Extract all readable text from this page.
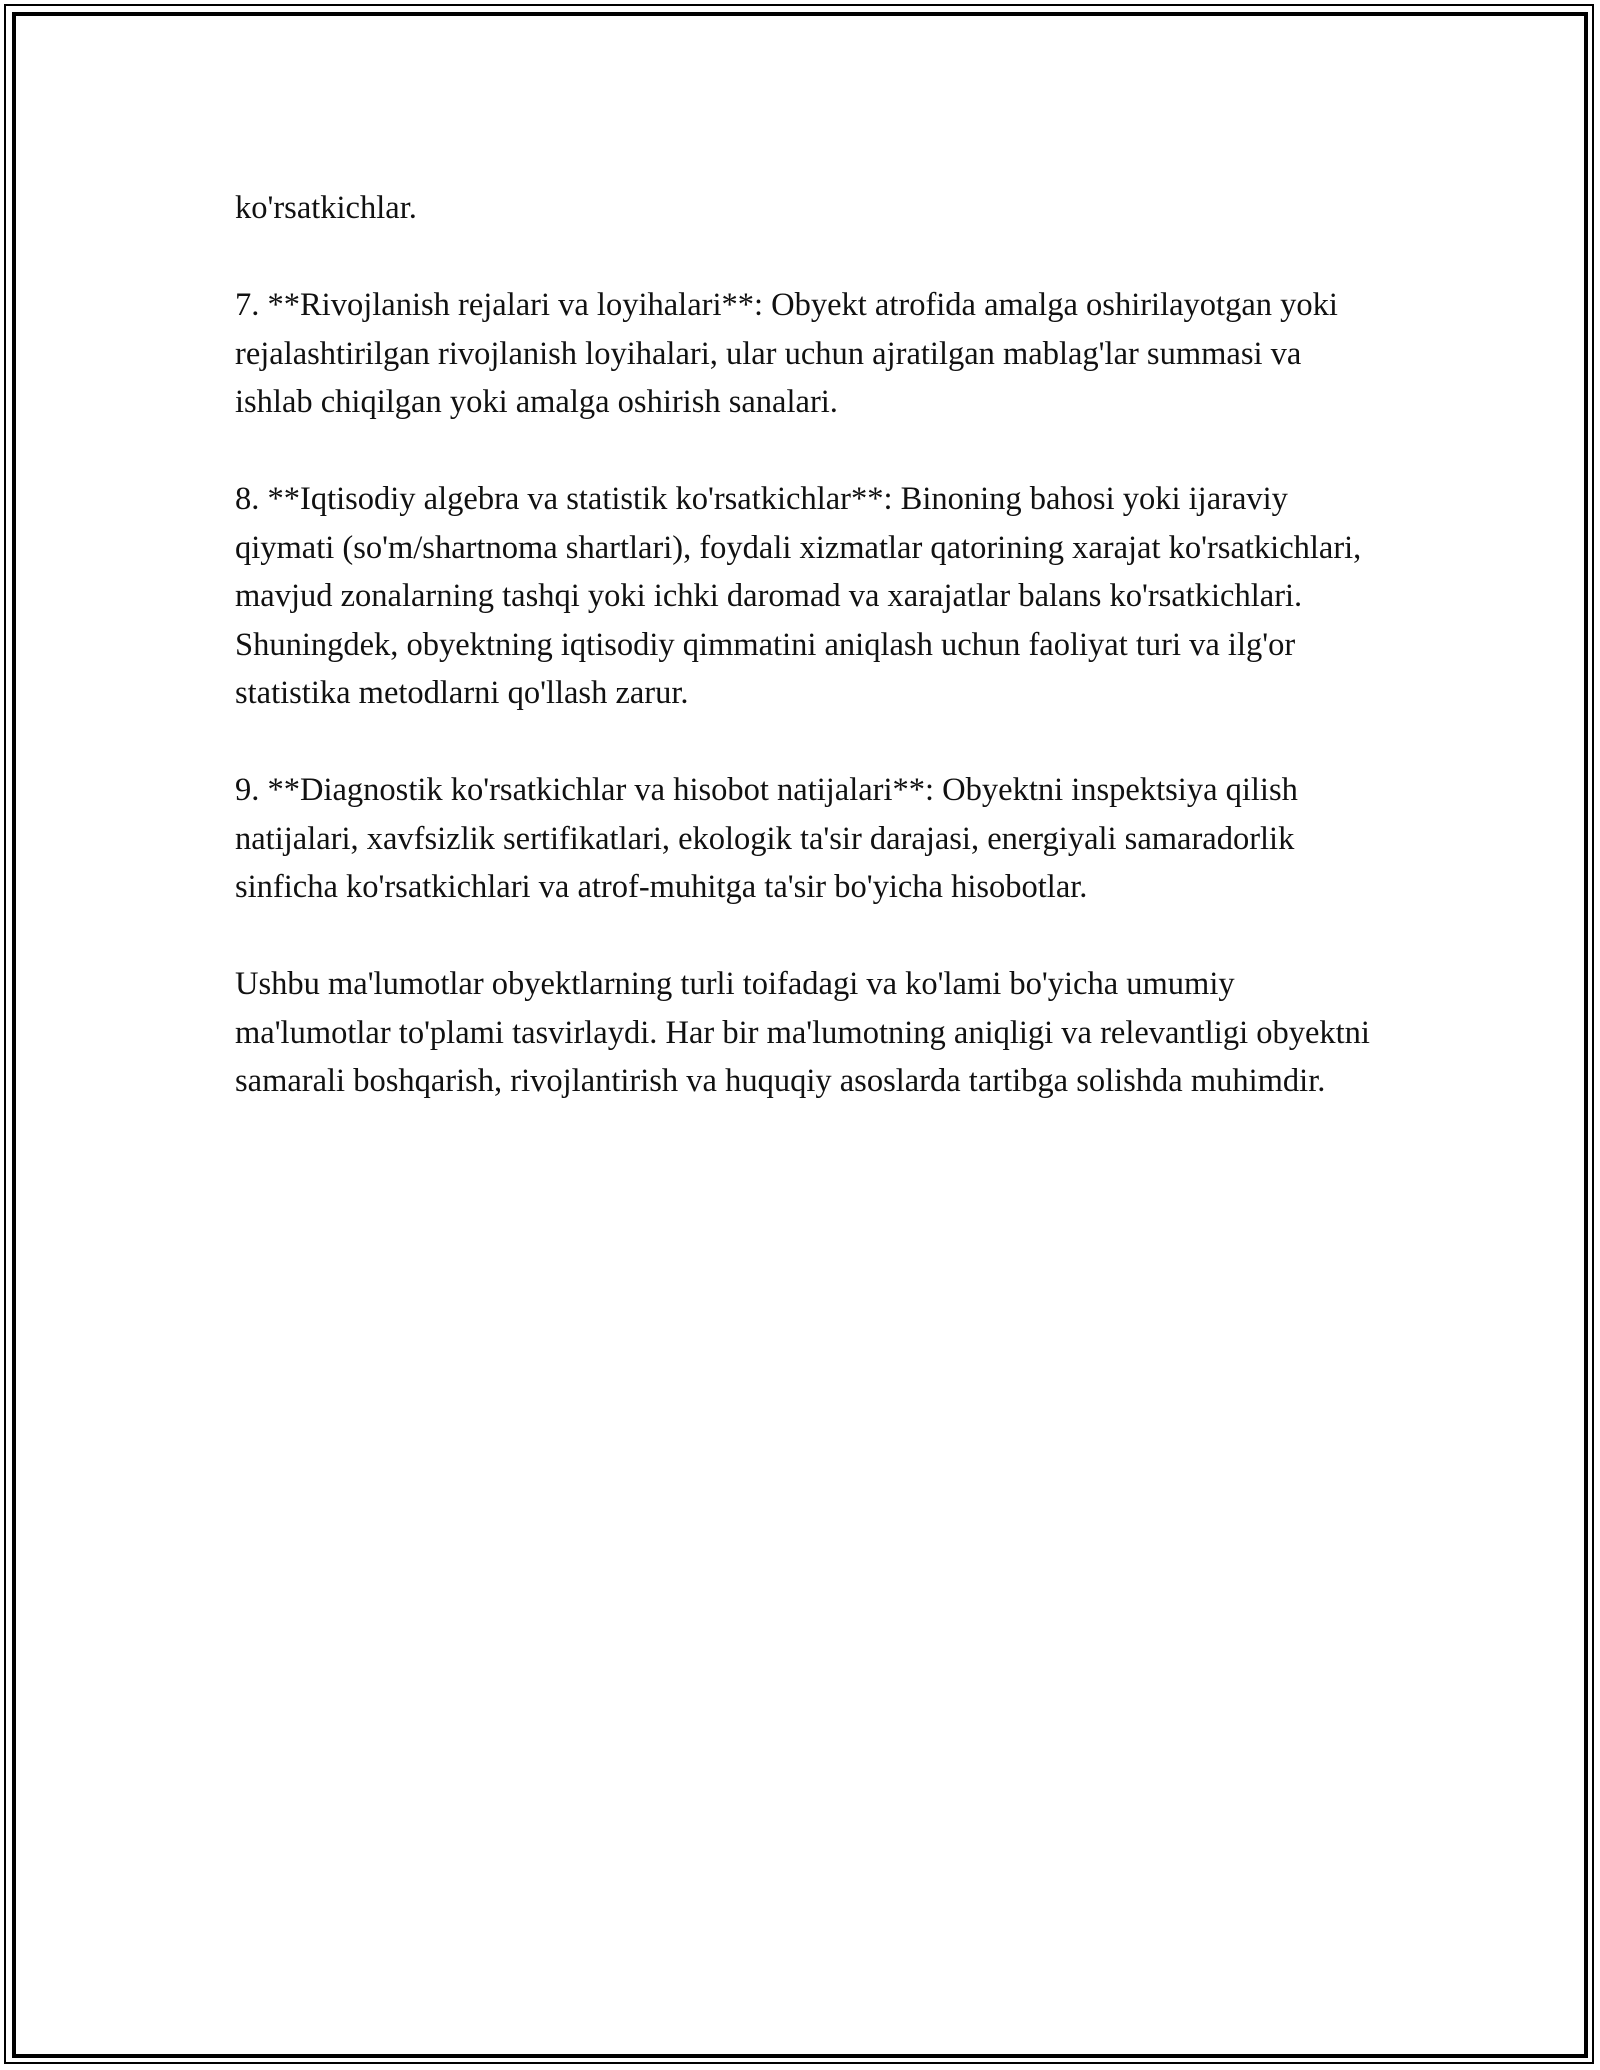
ko'rsatkichlar.

7. **Rivojlanish rejalari va loyihalari**: Obyekt atrofida amalga oshirilayotgan yoki rejalashtirilgan rivojlanish loyihalari, ular uchun ajratilgan mablag'lar summasi va ishlab chiqilgan yoki amalga oshirish sanalari.

8. **Iqtisodiy algebra va statistik ko'rsatkichlar**: Binoning bahosi yoki ijaraviy qiymati (so'm/shartnoma shartlari), foydali xizmatlar qatorining xarajat ko'rsatkichlari, mavjud zonalarning tashqi yoki ichki daromad va xarajatlar balans ko'rsatkichlari. Shuningdek, obyektning iqtisodiy qimmatini aniqlash uchun faoliyat turi va ilg'or statistika metodlarni qo'llash zarur.

9. **Diagnostik ko'rsatkichlar va hisobot natijalari**: Obyektni inspektsiya qilish natijalari, xavfsizlik sertifikatlari, ekologik ta'sir darajasi, energiyali samaradorlik sinficha ko'rsatkichlari va atrof-muhitga ta'sir bo'yicha hisobotlar.

Ushbu ma'lumotlar obyektlarning turli toifadagi va ko'lami bo'yicha umumiy ma'lumotlar to'plami tasvirlaydi. Har bir ma'lumotning aniqligi va relevantligi obyektni samarali boshqarish, rivojlantirish va huquqiy asoslarda tartibga solishda muhimdir.
